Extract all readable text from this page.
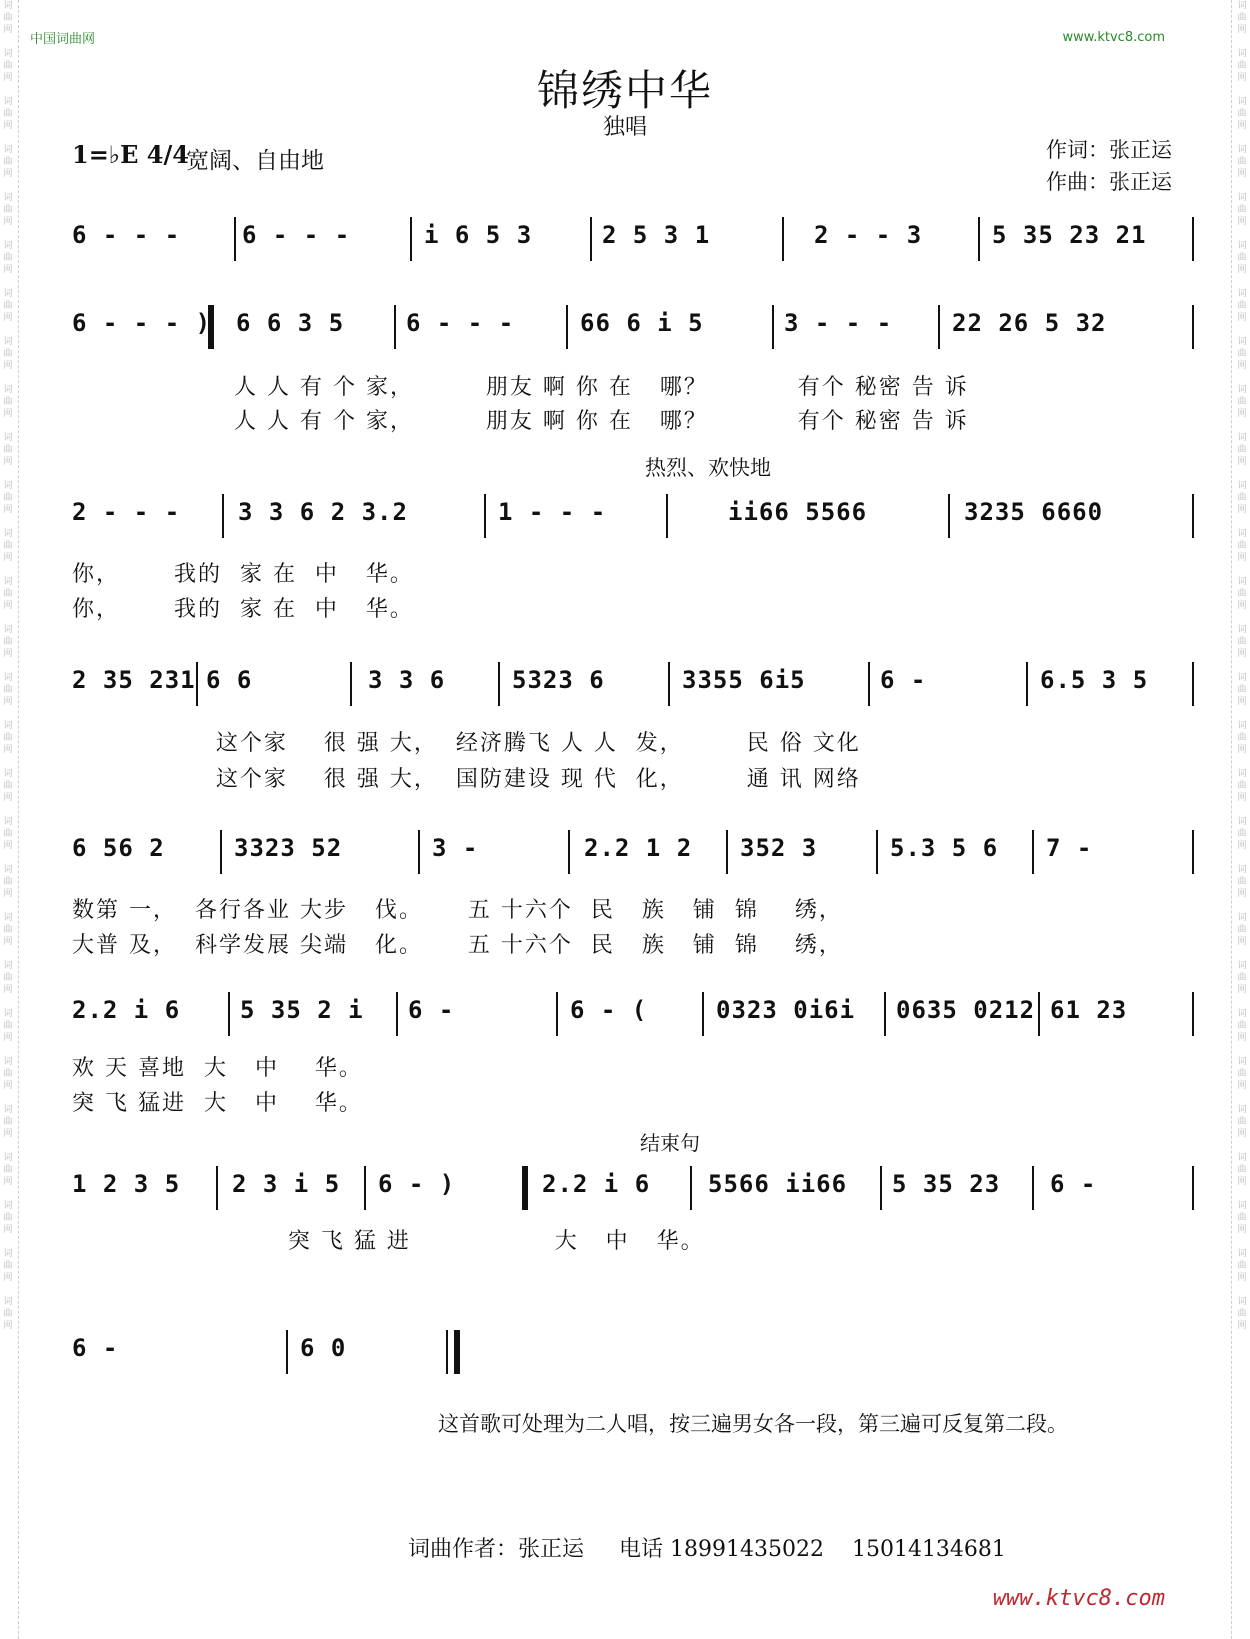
词
曲
网

词
曲
网

词
曲
网

词
曲
网

词
曲
网

词
曲
网

词
曲
网

词
曲
网

词
曲
网

词
曲
网

词
曲
网

词
曲
网

词
曲
网

词
曲
网

词
曲
网

词
曲
网

词
曲
网

词
曲
网

词
曲
网

词
曲
网

词
曲
网

词
曲
网

词
曲
网

词
曲
网

词
曲
网

词
曲
网

词
曲
网

词
曲
网

词
曲
网

词
曲
网

词
曲
网

词
曲
网

词
曲
网

词
曲
网

词
曲
网

词
曲
网

词
曲
网

词
曲
网

词
曲
网

词
曲
网

词
曲
网

词
曲
网

词
曲
网

词
曲
网

词
曲
网

词
曲
网

词
曲
网

词
曲
网

词
曲
网

词
曲
网

词
曲
网

词
曲
网

词
曲
网

词
曲
网

词
曲
网

词
曲
网

中国词曲网	www.ktvc8.com
锦绣中华
独唱
1=♭E 4/4
宽阔、自由地	作词：张正运
作曲：张正运
6 - - -	6 - - -	i 6 5 3	2 5 3 1	2 - - 3	5 35 23 21
6 - - - ) 6 6 3 5	6 - - -	66 6 i 5	3 - - - 22 26 5 32
人 人 有 个 家，        朋友 啊 你 在   哪？          有个 秘密 告 诉
人 人 有 个 家，        朋友 啊 你 在   哪？          有个 秘密 告 诉
热烈、欢快地
2 - - - 3 3 6 2 3.2	1 - - -	ii66 5566	3235 6660
你，      我的  家 在  中   华。
你，      我的  家 在  中   华。
2 35 231 6 6	3 3 6	5323 6	3355 6i5	6 -	6.5 3 5
这个家    很 强 大，  经济腾飞 人 人  发，       民 俗 文化
这个家    很 强 大，  国防建设 现 代  化，       通 讯 网络
6 56 2	3323 52	3 -	2.2 1 2 352 3	5.3 5 6 7 -
数第 一，  各行各业 大步   伐。     五 十六个  民   族   铺  锦    绣，
大普 及，  科学发展 尖端   化。     五 十六个  民   族   铺  锦    绣，
2.2 i 6 5 35 2 i 6 -	6 - (	0323 0i6i 0635 0212 61 23
欢 天 喜地  大   中    华。
突 飞 猛进  大   中    华。
结束句
1 2 3 5 2 3 i 5 6 - )	2.2 i 6 5566 ii66 5 35 23 6 -
突 飞 猛 进                大   中   华。
6 -	6 0
这首歌可处理为二人唱，按三遍男女各一段，第三遍可反复第二段。
词曲作者：张正运 电话 18991435022 15014134681
www.ktvc8.com
